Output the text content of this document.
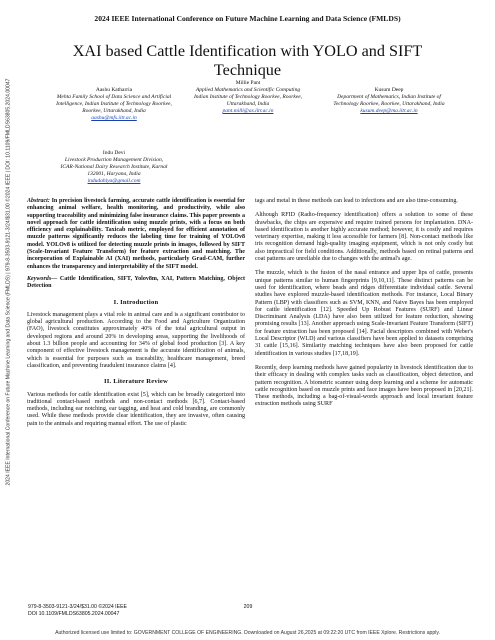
2024 IEEE International Conference on Future Machine Learning and Data Science (FMLDS)
XAI based Cattle Identification with YOLO and SIFT Technique
2024 IEEE International Conference on Future Machine Learning and Data Science (FMLDS) | 979-8-3503-9121-3/24/$31.00 ©2024 IEEE | DOI: 10.1109/FMLDS63805.2024.00047	Aashu Katharria
Mehta Family School of Data Science and Artificial Intelligence, Indian Institute of Technology Roorkee, Roorkee, Uttarakhand, India
aashu@mfs.iitr.ac.in
Millie Pant
Applied Mathematics and Scientific Computing Indian Institute of Technology Roorkee, Roorkee, Uttarakhand, India
pant.milli@as.iitr.ac.in
Kusum Deep
Department of Mathematics, Indian Institute of Technology Roorkee, Roorkee, Uttarakhand, India
kusum.deep@ma.iitr.ac.in
Indu Devi
Livestock Production Management Division, ICAR-National Dairy Research Institute, Karnal 132001, Haryana, India
indudahiya@gmail.com

Abstract: In precision livestock farming, accurate cattle identification is essential for enhancing animal welfare, health monitoring, and productivity, while also supporting traceability and minimizing false insurance claims. This paper presents a novel approach for cattle identification using muzzle prints, with a focus on both efficiency and explainability. Taxicab metric, employed for efficient annotation of muzzle patterns significantly reduces the labeling time for training of YOLOv8 model. YOLOv8 is utilized for detecting muzzle prints in images, followed by SIFT (Scale-Invariant Feature Transform) for feature extraction and matching. The incorporation of Explainable AI (XAI) methods, particularly Grad-CAM, further enhances the transparency and interpretability of the SIFT model.

Keywords— Cattle Identification, SIFT, Yolov8m, XAI, Pattern Matching, Object Detection

I. Introduction

Livestock management plays a vital role in animal care and is a significant contributor to global agricultural production. According to the Food and Agriculture Organization (FAO), livestock constitutes approximately 40% of the total agricultural output in developed regions and around 20% in developing areas, supporting the livelihoods of about 1.3 billion people and accounting for 34% of global food production [3]. A key component of effective livestock management is the accurate identification of animals, which is essential for purposes such as traceability, healthcare management, breed classification, and preventing fraudulent insurance claims [4].

II. Literature Review

Various methods for cattle identification exist [5], which can be broadly categorized into traditional contact-based methods and non-contact methods [6,7]. Contact-based methods, including ear notching, ear tagging, and heat and cold branding, are commonly used. While these methods provide clear identification, they are invasive, often causing pain to the animals and requiring manual effort. The use of plastic

tags and metal in these methods can lead to infections and are also time-consuming.

Although RFID (Radio-frequency identification) offers a solution to some of these drawbacks, the chips are expensive and require trained persons for implantation. DNA-based identification is another highly accurate method; however, it is costly and requires veterinary expertise, making it less accessible for farmers [8]. Non-contact methods like iris recognition demand high-quality imaging equipment, which is not only costly but also impractical for field conditions. Additionally, methods based on retinal patterns and coat patterns are unreliable due to changes with the animal's age.

The muzzle, which is the fusion of the nasal entrance and upper lips of cattle, presents unique patterns similar to human fingerprints [9,10,11]. These distinct patterns can be used for identification, where beads and ridges differentiate individual cattle. Several studies have explored muzzle-based identification methods. For instance, Local Binary Pattern (LBP) with classifiers such as SVM, KNN, and Naive Bayes has been employed for cattle identification [12]. Speeded Up Robust Features (SURF) and Linear Discriminant Analysis (LDA) have also been utilized for feature reduction, showing promising results [13]. Another approach using Scale-Invariant Feature Transform (SIFT) for feature extraction has been proposed [14]. Facial descriptors combined with Weber's Local Descriptor (WLD) and various classifiers have been applied to datasets comprising 31 cattle [15,16]. Similarity matching techniques have also been proposed for cattle identification in various studies [17,18,19].

Recently, deep learning methods have gained popularity in livestock identification due to their efficacy in dealing with complex tasks such as classification, object detection, and pattern recognition. A biometric scanner using deep learning and a scheme for automatic cattle recognition based on muzzle prints and face images have been proposed in [20,21]. These methods, including a bag-of-visual-words approach and local invariant feature extraction methods using SURF

979-8-3503-9121-3/24/$31.00 ©2024 IEEE
DOI 10.1109/FMLDS63805.2024.00047
209
Authorized licensed use limited to: GOVERNMENT COLLEGE OF ENGINEERING. Downloaded on August 26,2025 at 09:22:20 UTC from IEEE Xplore. Restrictions apply.
